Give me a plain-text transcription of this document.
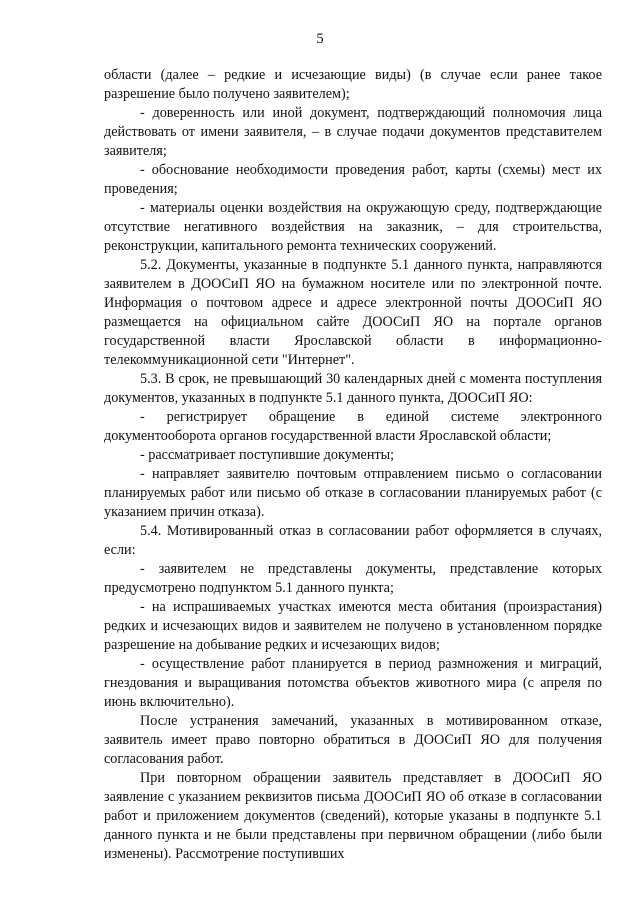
5

области (далее – редкие и исчезающие виды) (в случае если ранее такое разрешение было получено заявителем);

- доверенность или иной документ, подтверждающий полномочия лица действовать от имени заявителя, – в случае подачи документов представителем заявителя;

- обоснование необходимости проведения работ, карты (схемы) мест их проведения;

- материалы оценки воздействия на окружающую среду, подтверждающие отсутствие негативного воздействия на заказник, – для строительства, реконструкции, капитального ремонта технических сооружений.

5.2. Документы, указанные в подпункте 5.1 данного пункта, направляются заявителем в ДООСиП ЯО на бумажном носителе или по электронной почте. Информация о почтовом адресе и адресе электронной почты ДООСиП ЯО размещается на официальном сайте ДООСиП ЯО на портале органов государственной власти Ярославской области в информационно-телекоммуникационной сети "Интернет".

5.3. В срок, не превышающий 30 календарных дней с момента поступления документов, указанных в подпункте 5.1 данного пункта, ДООСиП ЯО:

- регистрирует обращение в единой системе электронного документооборота органов государственной власти Ярославской области;

- рассматривает поступившие документы;

- направляет заявителю почтовым отправлением письмо о согласовании планируемых работ или письмо об отказе в согласовании планируемых работ (с указанием причин отказа).

5.4. Мотивированный отказ в согласовании работ оформляется в случаях, если:

- заявителем не представлены документы, представление которых предусмотрено подпунктом 5.1 данного пункта;

- на испрашиваемых участках имеются места обитания (произрастания) редких и исчезающих видов и заявителем не получено в установленном порядке разрешение на добывание редких и исчезающих видов;

- осуществление работ планируется в период размножения и миграций, гнездования и выращивания потомства объектов животного мира (с апреля по июнь включительно).

После устранения замечаний, указанных в мотивированном отказе, заявитель имеет право повторно обратиться в ДООСиП ЯО для получения согласования работ.

При повторном обращении заявитель представляет в ДООСиП ЯО заявление с указанием реквизитов письма ДООСиП ЯО об отказе в согласовании работ и приложением документов (сведений), которые указаны в подпункте 5.1 данного пункта и не были представлены при первичном обращении (либо были изменены). Рассмотрение поступивших
